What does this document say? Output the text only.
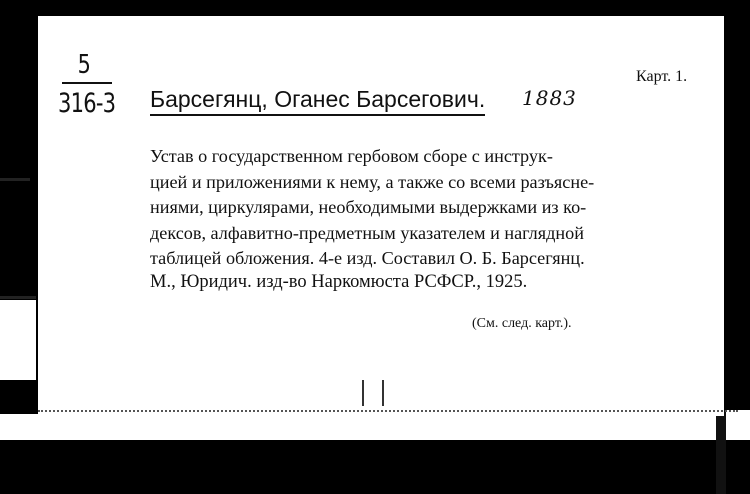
5
316-3 Барсегянц, Оганес Барсегович. 1883
Карт. 1.
Устав о государственном гербовом сборе с инструк-
цией и приложениями к нему, а также со всеми разъясне-
ниями, циркулярами, необходимыми выдержками из ко-
дексов, алфавитно-предметным указателем и наглядной
таблицей обложения. 4-е изд. Составил О. Б. Барсегянц.
М., Юридич. изд-во Наркомюста РСФСР., 1925.
(См. след. карт.).
